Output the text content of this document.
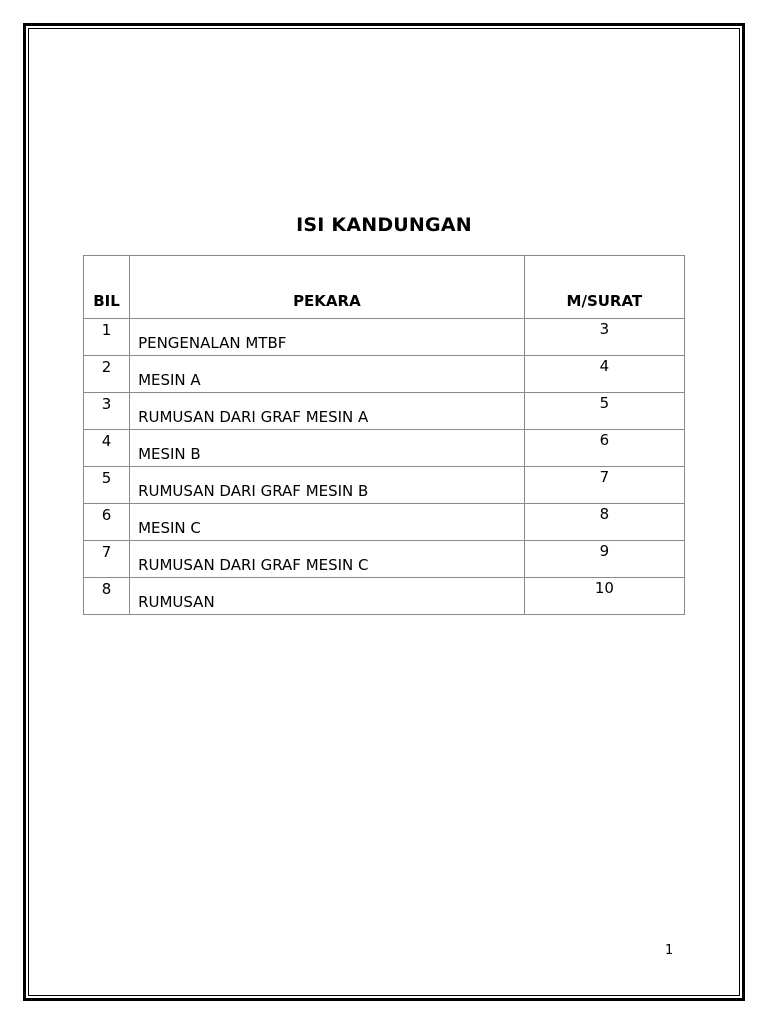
ISI KANDUNGAN
BIL	PEKARA	M/SURAT
1	PENGENALAN MTBF	3
2	MESIN A	4
3	RUMUSAN DARI GRAF MESIN A	5
4	MESIN B	6
5	RUMUSAN DARI GRAF MESIN B	7
6	MESIN C	8
7	RUMUSAN DARI GRAF MESIN C	9
8	RUMUSAN	10
1
